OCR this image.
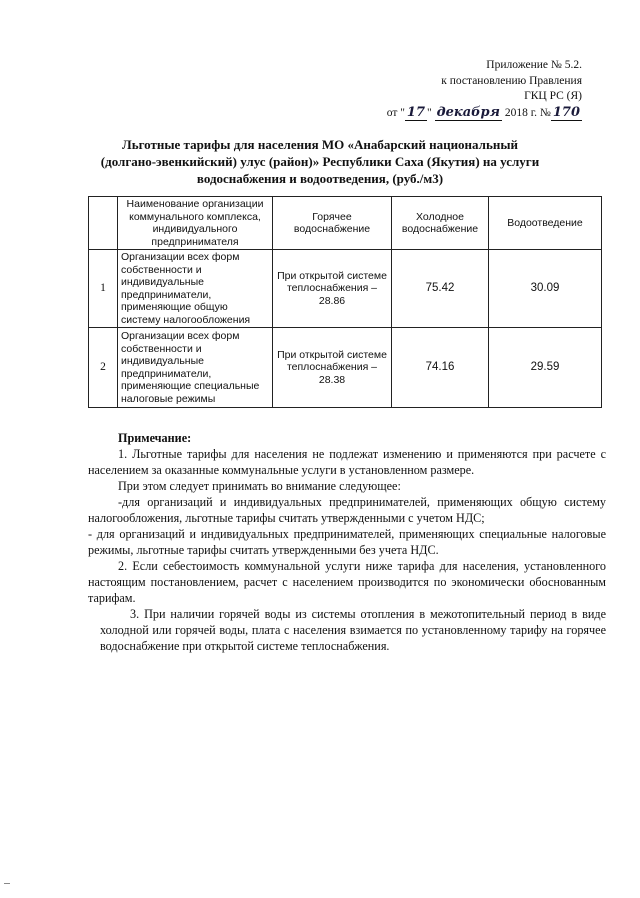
Приложение № 5.2.
к постановлению Правления
ГКЦ РС (Я)
от " 17 " декабря 2018 г. № 170
Льготные тарифы для населения МО «Анабарский национальный (долгано-эвенкийский) улус (район)» Республики Саха (Якутия) на услуги водоснабжения и водоотведения, (руб./м3)
	Наименование организации коммунального комплекса, индивидуального предпринимателя	Горячее водоснабжение	Холодное водоснабжение	Водоотведение
1	Организации всех форм собственности и индивидуальные предприниматели, применяющие общую систему налогообложения	При открытой системе теплоснабжения – 28.86	75.42	30.09
2	Организации всех форм собственности и индивидуальные предприниматели, применяющие специальные налоговые режимы	При открытой системе теплоснабжения – 28.38	74.16	29.59

Примечание:

1. Льготные тарифы для населения не подлежат изменению и применяются при расчете с населением за оказанные коммунальные услуги в установленном размере.

При этом следует принимать во внимание следующее:

-для организаций и индивидуальных предпринимателей, применяющих общую систему налогообложения, льготные тарифы считать утвержденными с учетом НДС;

- для организаций и индивидуальных предпринимателей, применяющих специальные налоговые режимы, льготные тарифы считать утвержденными без учета НДС.

2. Если себестоимость коммунальной услуги ниже тарифа для населения, установленного настоящим постановлением, расчет с населением производится по экономически обоснованным тарифам.

3. При наличии горячей воды из системы отопления в межотопительный период в виде холодной или горячей воды, плата с населения взимается по установленному тарифу на горячее водоснабжение при открытой системе теплоснабжения.
